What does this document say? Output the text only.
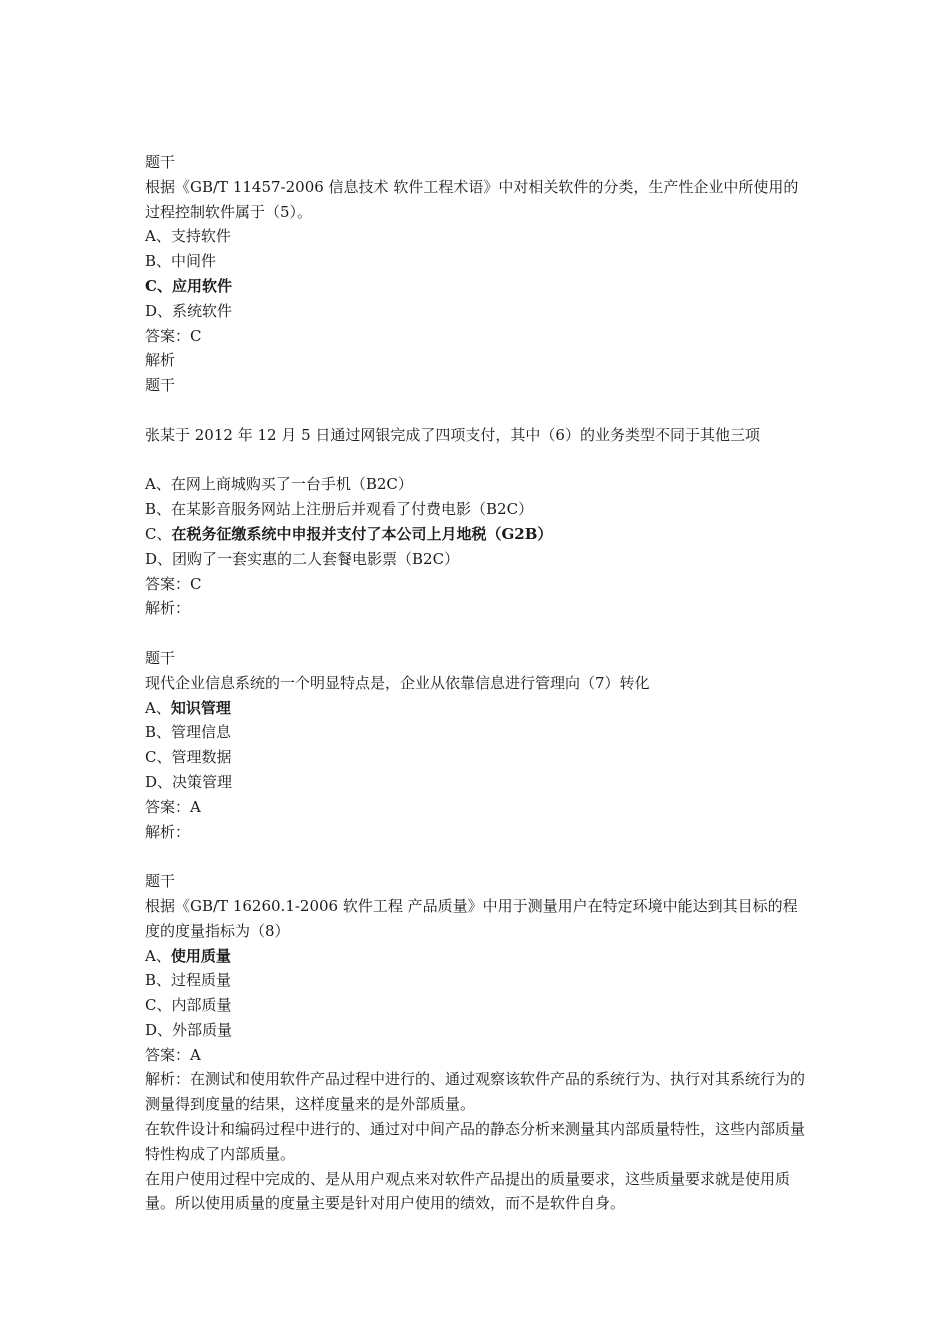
题干
根据《GB/T 11457-2006 信息技术 软件工程术语》中对相关软件的分类，生产性企业中所使用的过程控制软件属于（5）。
A、支持软件
B、中间件
C、应用软件
D、系统软件
答案：C
解析
题干
张某于 2012 年 12 月 5 日通过网银完成了四项支付，其中（6）的业务类型不同于其他三项
A、在网上商城购买了一台手机（B2C）
B、在某影音服务网站上注册后并观看了付费电影（B2C）
C、在税务征缴系统中申报并支付了本公司上月地税（G2B）
D、团购了一套实惠的二人套餐电影票（B2C）
答案：C
解析：
题干
现代企业信息系统的一个明显特点是，企业从依靠信息进行管理向（7）转化
A、知识管理
B、管理信息
C、管理数据
D、决策管理
答案：A
解析：
题干
根据《GB/T 16260.1-2006 软件工程 产品质量》中用于测量用户在特定环境中能达到其目标的程度的度量指标为（8）
A、使用质量
B、过程质量
C、内部质量
D、外部质量
答案：A
解析：在测试和使用软件产品过程中进行的、通过观察该软件产品的系统行为、执行对其系统行为的测量得到度量的结果，这样度量来的是外部质量。
在软件设计和编码过程中进行的、通过对中间产品的静态分析来测量其内部质量特性，这些内部质量特性构成了内部质量。
在用户使用过程中完成的、是从用户观点来对软件产品提出的质量要求，这些质量要求就是使用质量。所以使用质量的度量主要是针对用户使用的绩效，而不是软件自身。
